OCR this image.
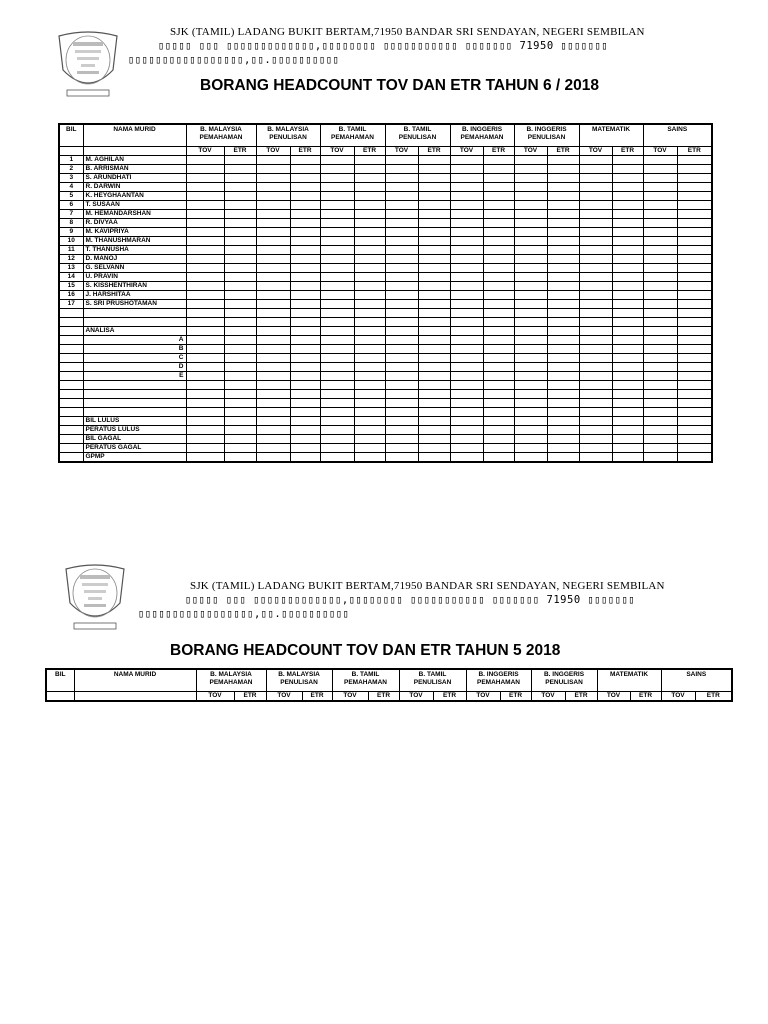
SJK (TAMIL) LADANG BUKIT BERTAM,71950 BANDAR SRI SENDAYAN, NEGERI SEMBILAN
▯▯▯▯▯ ▯▯▯ ▯▯▯▯▯▯▯▯▯▯▯▯▯,▯▯▯▯▯▯▯▯ ▯▯▯▯▯▯▯▯▯▯▯ ▯▯▯▯▯▯▯ 71950 ▯▯▯▯▯▯▯
▯▯▯▯▯▯▯▯▯▯▯▯▯▯▯▯▯,▯▯.▯▯▯▯▯▯▯▯▯▯
BORANG HEADCOUNT TOV DAN ETR TAHUN 6 / 2018
BIL	NAMA MURID	B. MALAYSIA PEMAHAMAN		B. MALAYSIA PENULISAN		B. TAMIL PEMAHAMAN		B. TAMIL PENULISAN		B. INGGERIS PEMAHAMAN		B. INGGERIS PENULISAN		MATEMATIK		SAINS	
		TOV	ETR	TOV	ETR	TOV	ETR	TOV	ETR	TOV	ETR	TOV	ETR	TOV	ETR	TOV	ETR
1	M. AGHILAN																
2	B. ARRISMAN																
3	S. ARUNDHATI																
4	R. DARWIN																
5	K. HEYGHAANTAN																
6	T. SUSAAN																
7	M. HEMANDARSHAN																
8	R. DIVYAA																
9	M. KAVIPRIYA																
10	M. THANUSHMARAN																
11	T. THANUSHA																
12	D. MANOJ																
13	G. SELVANN																
14	U. PRAVIN																
15	S. KISSHENTHIRAN																
16	J. HARSHITAA																
17	S. SRI PRUSHOTAMAN																

	ANALISA																
	A																
	B																
	C																
	D																
	E																

	BIL LULUS																
	PERATUS LULUS																
	BIL GAGAL																
	PERATUS GAGAL																
	GPMP																
SJK (TAMIL) LADANG BUKIT BERTAM,71950 BANDAR SRI SENDAYAN, NEGERI SEMBILAN
▯▯▯▯▯ ▯▯▯ ▯▯▯▯▯▯▯▯▯▯▯▯▯,▯▯▯▯▯▯▯▯ ▯▯▯▯▯▯▯▯▯▯▯ ▯▯▯▯▯▯▯ 71950 ▯▯▯▯▯▯▯
▯▯▯▯▯▯▯▯▯▯▯▯▯▯▯▯▯,▯▯.▯▯▯▯▯▯▯▯▯▯
BORANG HEADCOUNT TOV DAN ETR TAHUN 5 2018
BIL	NAMA MURID	B. MALAYSIA PEMAHAMAN		B. MALAYSIA PENULISAN		B. TAMIL PEMAHAMAN		B. TAMIL PENULISAN		B. INGGERIS PEMAHAMAN		B. INGGERIS PENULISAN		MATEMATIK		SAINS	
		TOV	ETR	TOV	ETR	TOV	ETR	TOV	ETR	TOV	ETR	TOV	ETR	TOV	ETR	TOV	ETR
